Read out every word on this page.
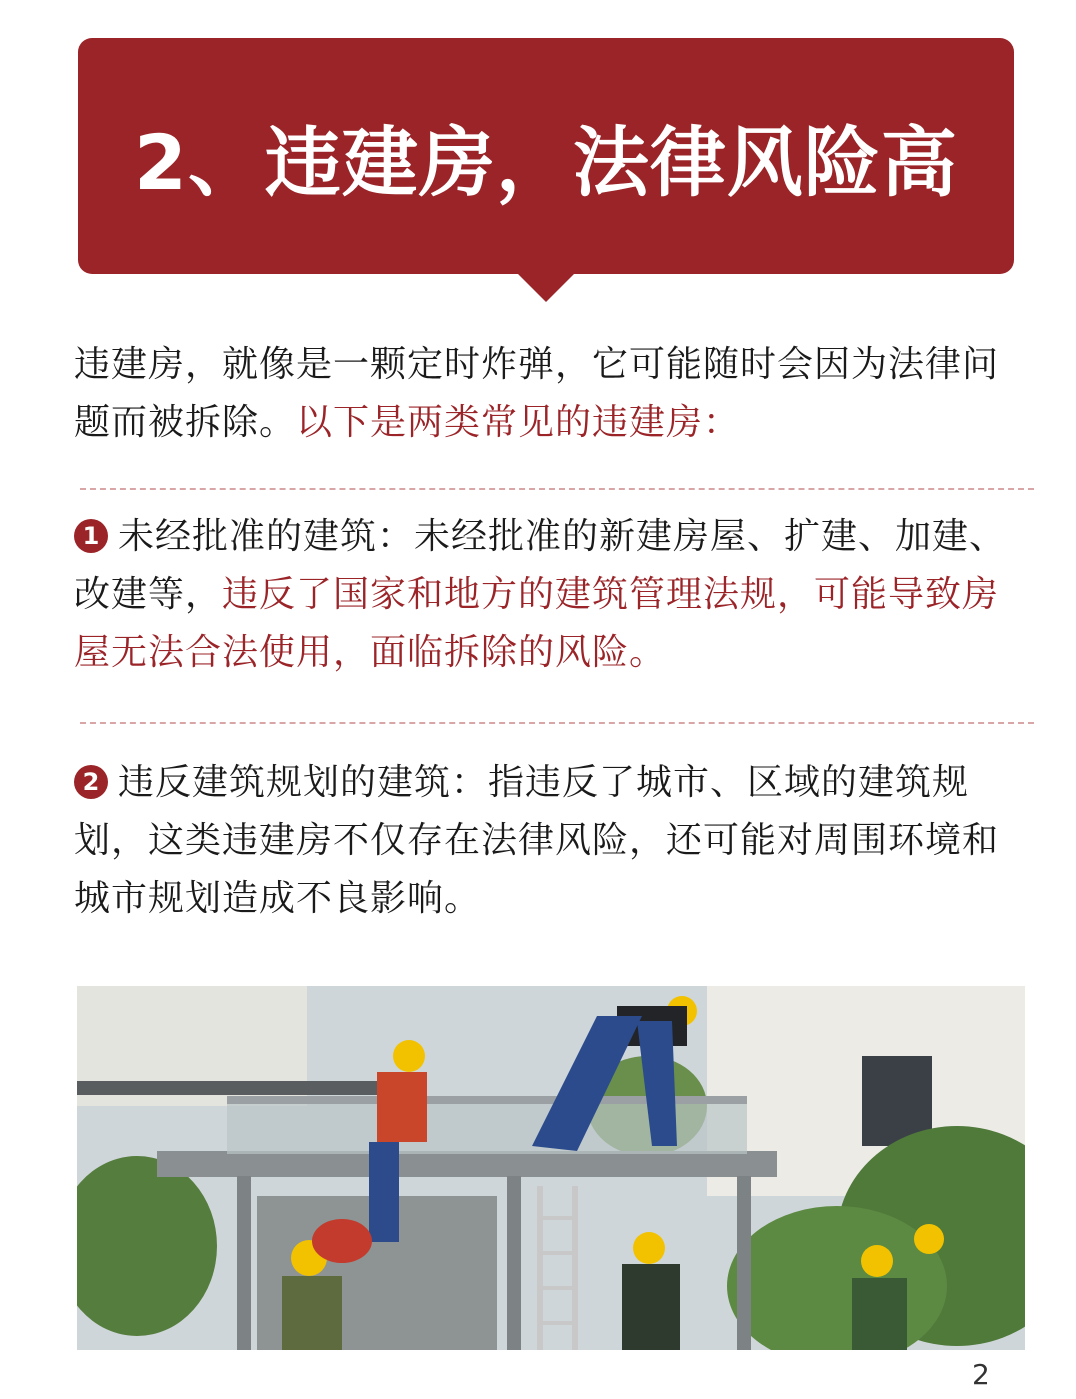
2、违建房，法律风险高

违建房，就像是一颗定时炸弹，它可能随时会因为法律问题而被拆除。以下是两类常见的违建房：

1 未经批准的建筑：未经批准的新建房屋、扩建、加建、改建等，违反了国家和地方的建筑管理法规，可能导致房屋无法合法使用，面临拆除的风险。

2 违反建筑规划的建筑：指违反了城市、区域的建筑规划，这类违建房不仅存在法律风险，还可能对周围环境和城市规划造成不良影响。

2
